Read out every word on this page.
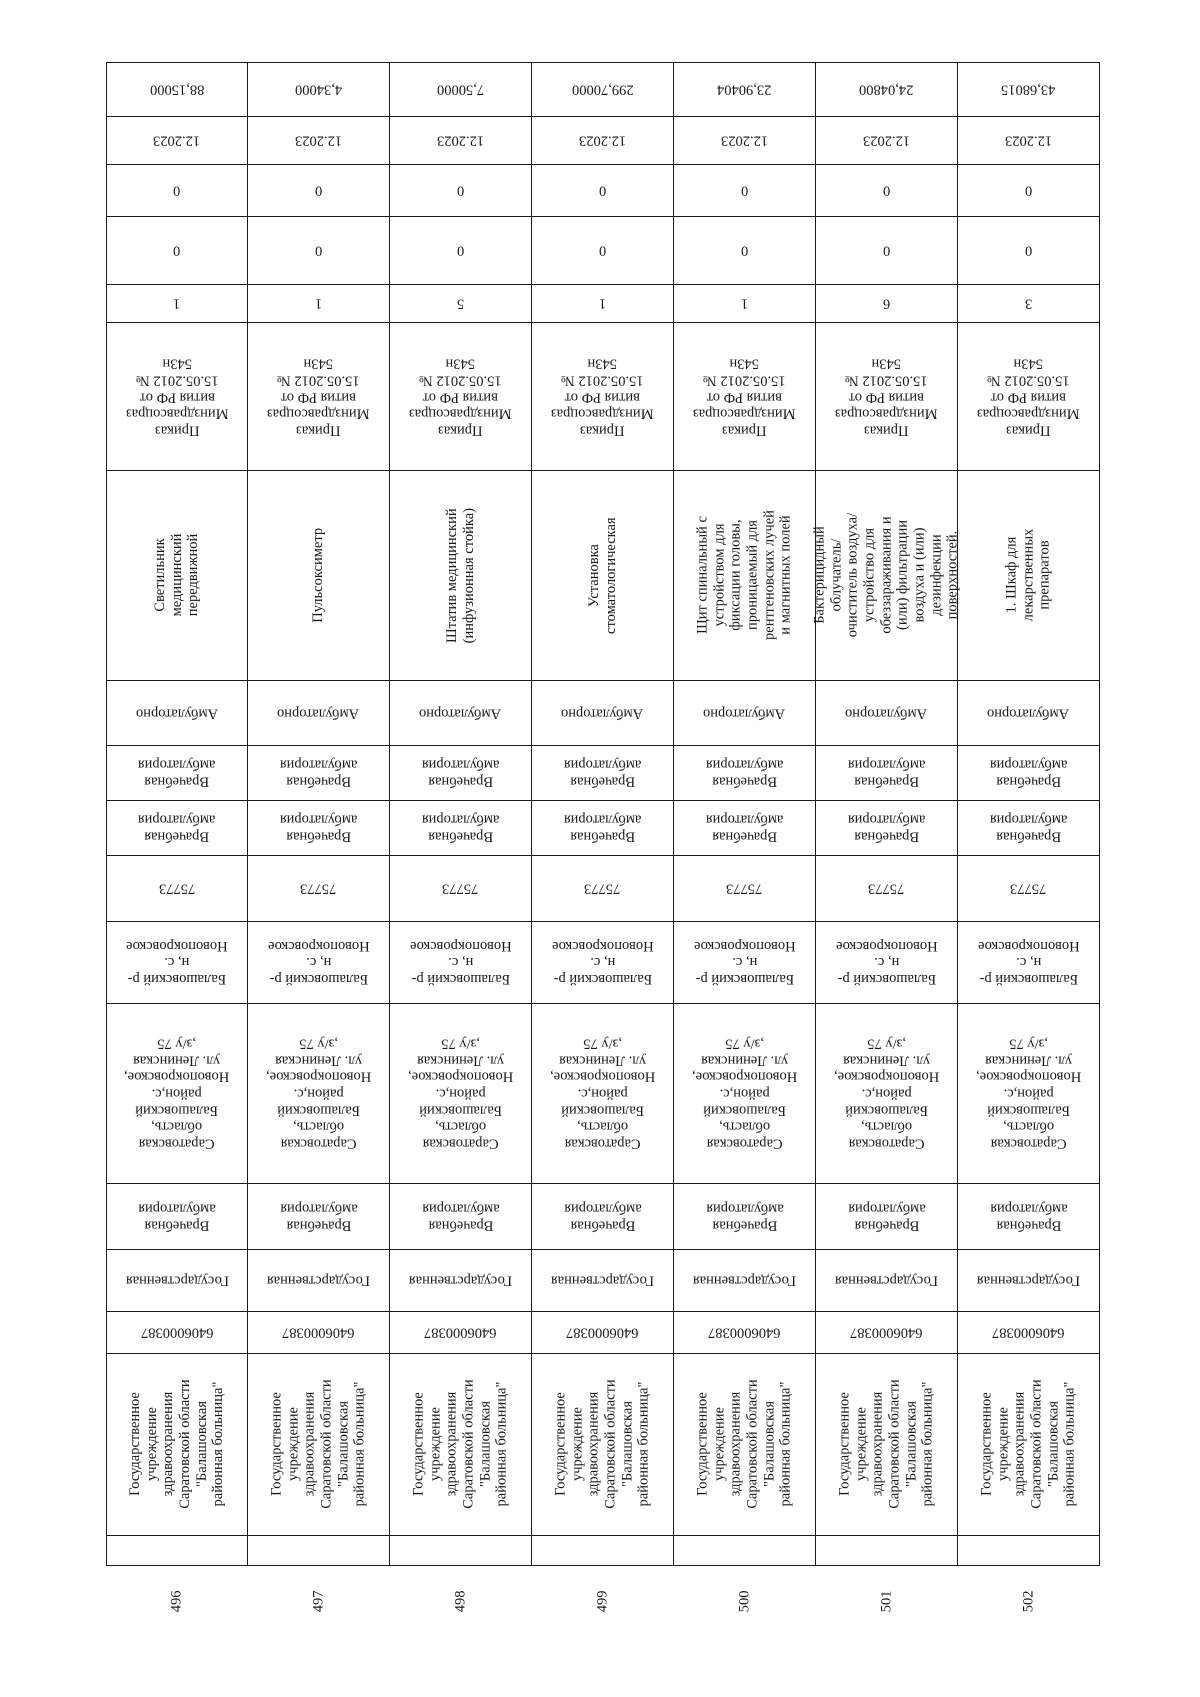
88,15000
12.2023
0
0
1
Приказ
Минздравсоцраз
вития РФ от
15.05.2012 №
543н
Светильник медицинский передвижной
Амбулаторно
Врачебная
амбулатория
Врачебная
амбулатория
75773
Балашовский р-
н, с.
Новопокровское
Саратовская
область,
Балашовский
район,с.
Новопокровское,
ул. Ленинская
,з/у 75
Врачебная амбулатория
Государственная
6406000387
Государственное учреждение здравоохранения Саратовской области "Балашовская районная больница"
496
4,34000
12.2023
0
0
1
Приказ
Минздравсоцраз
вития РФ от
15.05.2012 №
543н
Пульсоксиметр
Амбулаторно
Врачебная
амбулатория
Врачебная
амбулатория
75773
Балашовский р-
н, с.
Новопокровское
Саратовская
область,
Балашовский
район,с.
Новопокровское,
ул. Ленинская
,з/у 75
Врачебная амбулатория
Государственная
6406000387
Государственное учреждение здравоохранения Саратовской области "Балашовская районная больница"
497
7,50000
12.2023
0
0
5
Приказ
Минздравсоцраз
вития РФ от
15.05.2012 №
543н
Штатив медицинский (инфузионная стойка)
Амбулаторно
Врачебная
амбулатория
Врачебная
амбулатория
75773
Балашовский р-
н, с.
Новопокровское
Саратовская
область,
Балашовский
район,с.
Новопокровское,
ул. Ленинская
,з/у 75
Врачебная амбулатория
Государственная
6406000387
Государственное учреждение здравоохранения Саратовской области "Балашовская районная больница"
498
299,70000
12.2023
0
0
1
Приказ
Минздравсоцраз
вития РФ от
15.05.2012 №
543н
Установка стоматологическая
Амбулаторно
Врачебная
амбулатория
Врачебная
амбулатория
75773
Балашовский р-
н, с.
Новопокровское
Саратовская
область,
Балашовский
район,с.
Новопокровское,
ул. Ленинская
,з/у 75
Врачебная амбулатория
Государственная
6406000387
Государственное учреждение здравоохранения Саратовской области "Балашовская районная больница"
499
23,90404
12.2023
0
0
1
Приказ
Минздравсоцраз
вития РФ от
15.05.2012 №
543н
Щит спинальный с устройством для фиксации головы, проницаемый для рентгеновских лучей и магнитных полей
Амбулаторно
Врачебная
амбулатория
Врачебная
амбулатория
75773
Балашовский р-
н, с.
Новопокровское
Саратовская
область,
Балашовский
район,с.
Новопокровское,
ул. Ленинская
,з/у 75
Врачебная амбулатория
Государственная
6406000387
Государственное учреждение здравоохранения Саратовской области "Балашовская районная больница"
500
24,04800
12.2023
0
0
6
Приказ
Минздравсоцраз
вития РФ от
15.05.2012 №
543н
Бактерицидный облучатель/очиститель воздуха/устройство для обеззараживания и (или) фильтрации воздуха и (или) дезинфекции поверхностей.
Амбулаторно
Врачебная
амбулатория
Врачебная
амбулатория
75773
Балашовский р-
н, с.
Новопокровское
Саратовская
область,
Балашовский
район,с.
Новопокровское,
ул. Ленинская
,з/у 75
Врачебная амбулатория
Государственная
6406000387
Государственное учреждение здравоохранения Саратовской области "Балашовская районная больница"
501
43,68015
12.2023
0
0
3
Приказ
Минздравсоцраз
вития РФ от
15.05.2012 №
543н
1. Шкаф для лекарственных препаратов
Амбулаторно
Врачебная
амбулатория
Врачебная
амбулатория
75773
Балашовский р-
н, с.
Новопокровское
Саратовская
область,
Балашовский
район,с.
Новопокровское,
ул. Ленинская
,з/у 75
Врачебная амбулатория
Государственная
6406000387
Государственное учреждение здравоохранения Саратовской области "Балашовская районная больница"
502
